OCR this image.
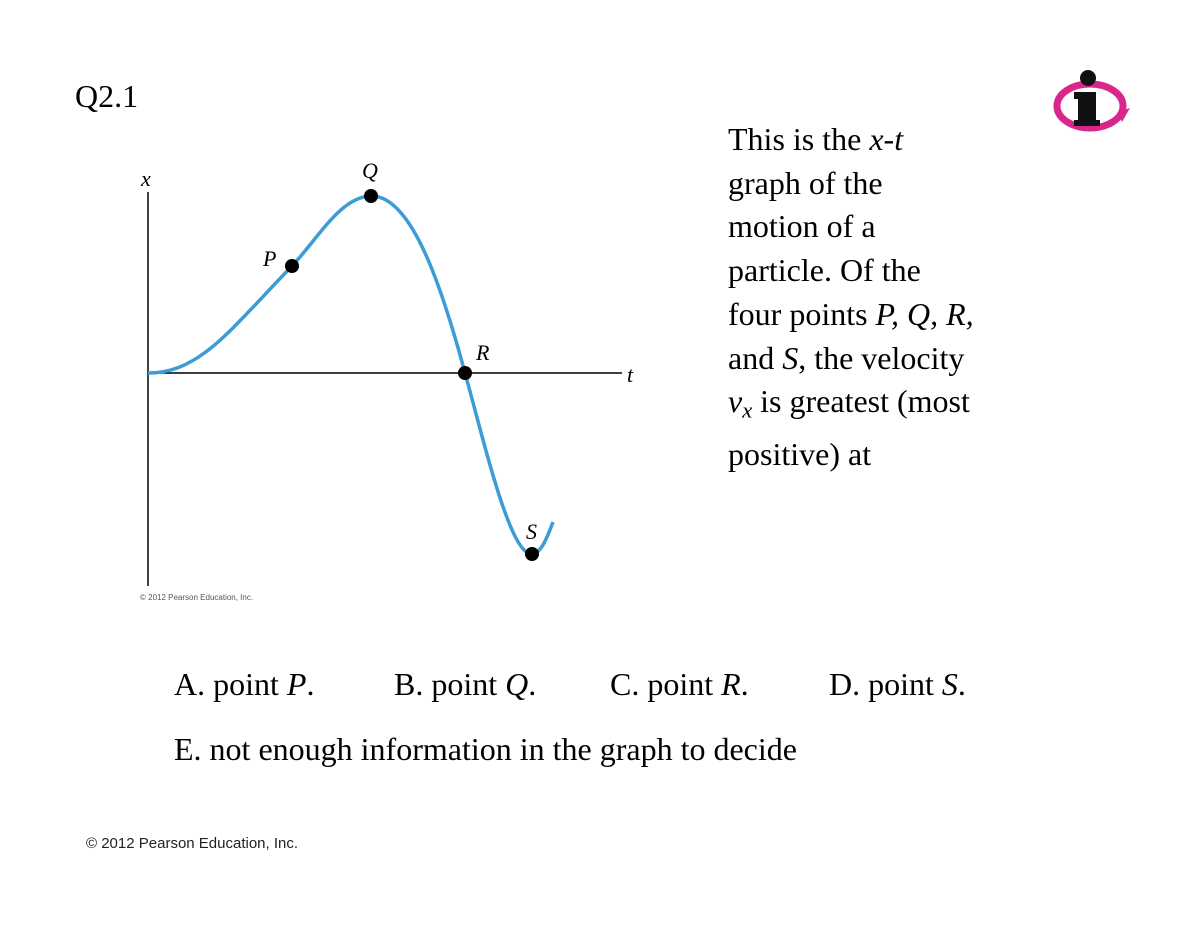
Q2.1
x
t
P
Q
R
S
© 2012 Pearson Education, Inc.
This is the x-t
graph of the
motion of a
particle. Of the
four points P, Q, R,
and S, the velocity
$v_x$ is greatest (most
positive) at
A. point P. B. point Q. C. point R.	D. point S.
E. not enough information in the graph to decide
© 2012 Pearson Education, Inc.
